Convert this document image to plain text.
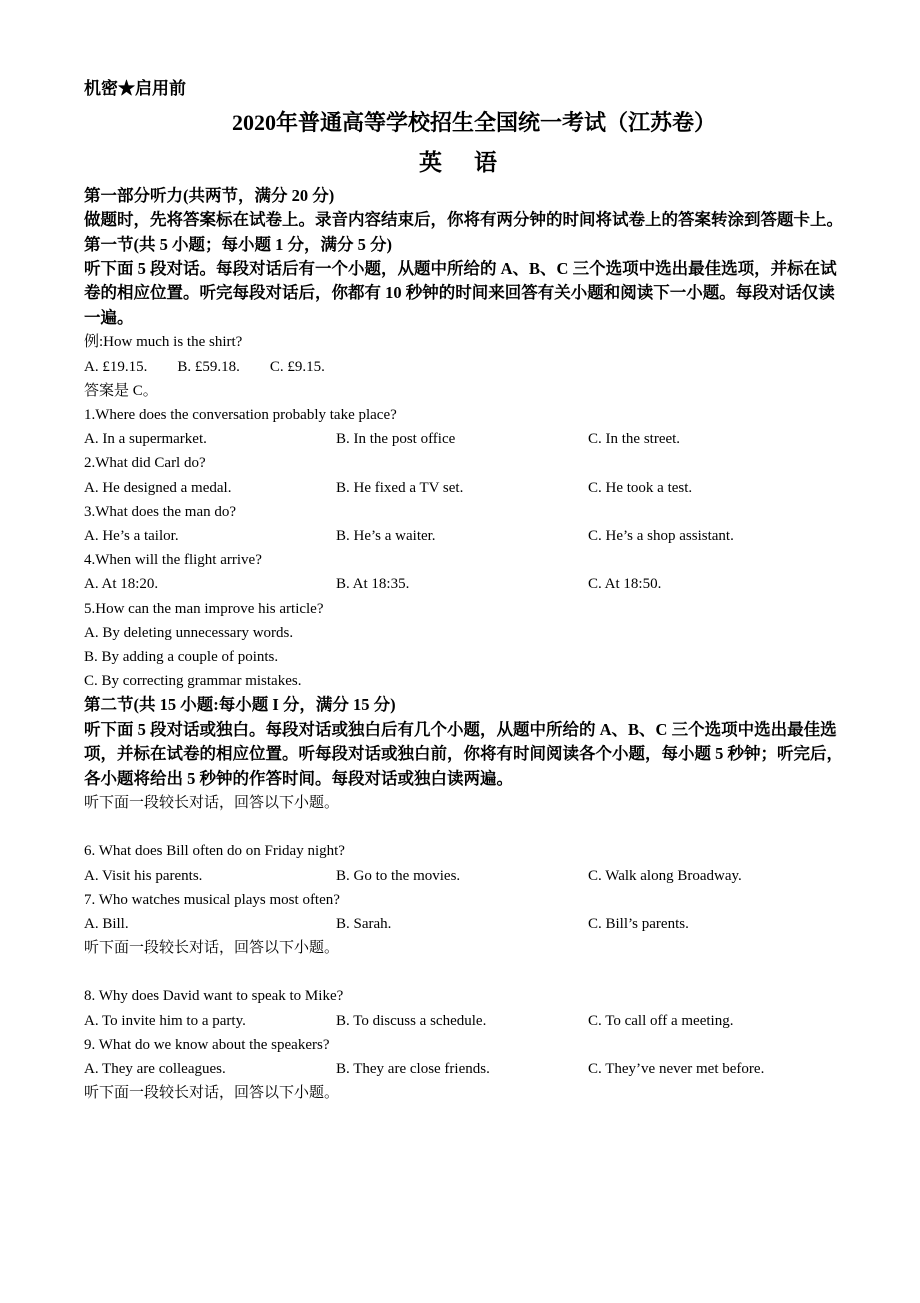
机密★启用前
2020年普通高等学校招生全国统一考试（江苏卷）
英语
第一部分听力(共两节，满分 20 分)
做题时，先将答案标在试卷上。录音内容结束后，你将有两分钟的时间将试卷上的答案转涂到答题卡上。
第一节(共 5 小题；每小题 1 分，满分 5 分)
听下面 5 段对话。每段对话后有一个小题，从题中所给的 A、B、C 三个选项中选出最佳选项，并标在试卷的相应位置。听完每段对话后，你都有 10 秒钟的时间来回答有关小题和阅读下一小题。每段对话仅读一遍。
例:How much is the shirt?
A. £19.15. B. £59.18. C. £9.15.
答案是 C。
1.Where does the conversation probably take place?
A. In a supermarket.	B. In the post office	C. In the street.
2.What did Carl do?
A. He designed a medal.	B. He fixed a TV set.	C. He took a test.
3.What does the man do?
A. He’s a tailor.	B. He’s a waiter.	C. He’s a shop assistant.
4.When will the flight arrive?
A. At 18:20.	B. At 18:35.	C. At 18:50.
5.How can the man improve his article?
A. By deleting unnecessary words.
B. By adding a couple of points.
C. By correcting grammar mistakes.
第二节(共 15 小题:每小题 I 分，满分 15 分)
听下面 5 段对话或独白。每段对话或独白后有几个小题，从题中所给的 A、B、C 三个选项中选出最佳选项，并标在试卷的相应位置。听每段对话或独白前，你将有时间阅读各个小题，每小题 5 秒钟；听完后，各小题将给出 5 秒钟的作答时间。每段对话或独白读两遍。
听下面一段较长对话，回答以下小题。
6. What does Bill often do on Friday night?
A. Visit his parents.	B. Go to the movies.	C. Walk along Broadway.
7. Who watches musical plays most often?
A. Bill.	B. Sarah.	C. Bill’s parents.
听下面一段较长对话，回答以下小题。
8. Why does David want to speak to Mike?
A. To invite him to a party.	B. To discuss a schedule.	C. To call off a meeting.
9. What do we know about the speakers?
A. They are colleagues.	B. They are close friends.	C. They’ve never met before.
听下面一段较长对话，回答以下小题。
